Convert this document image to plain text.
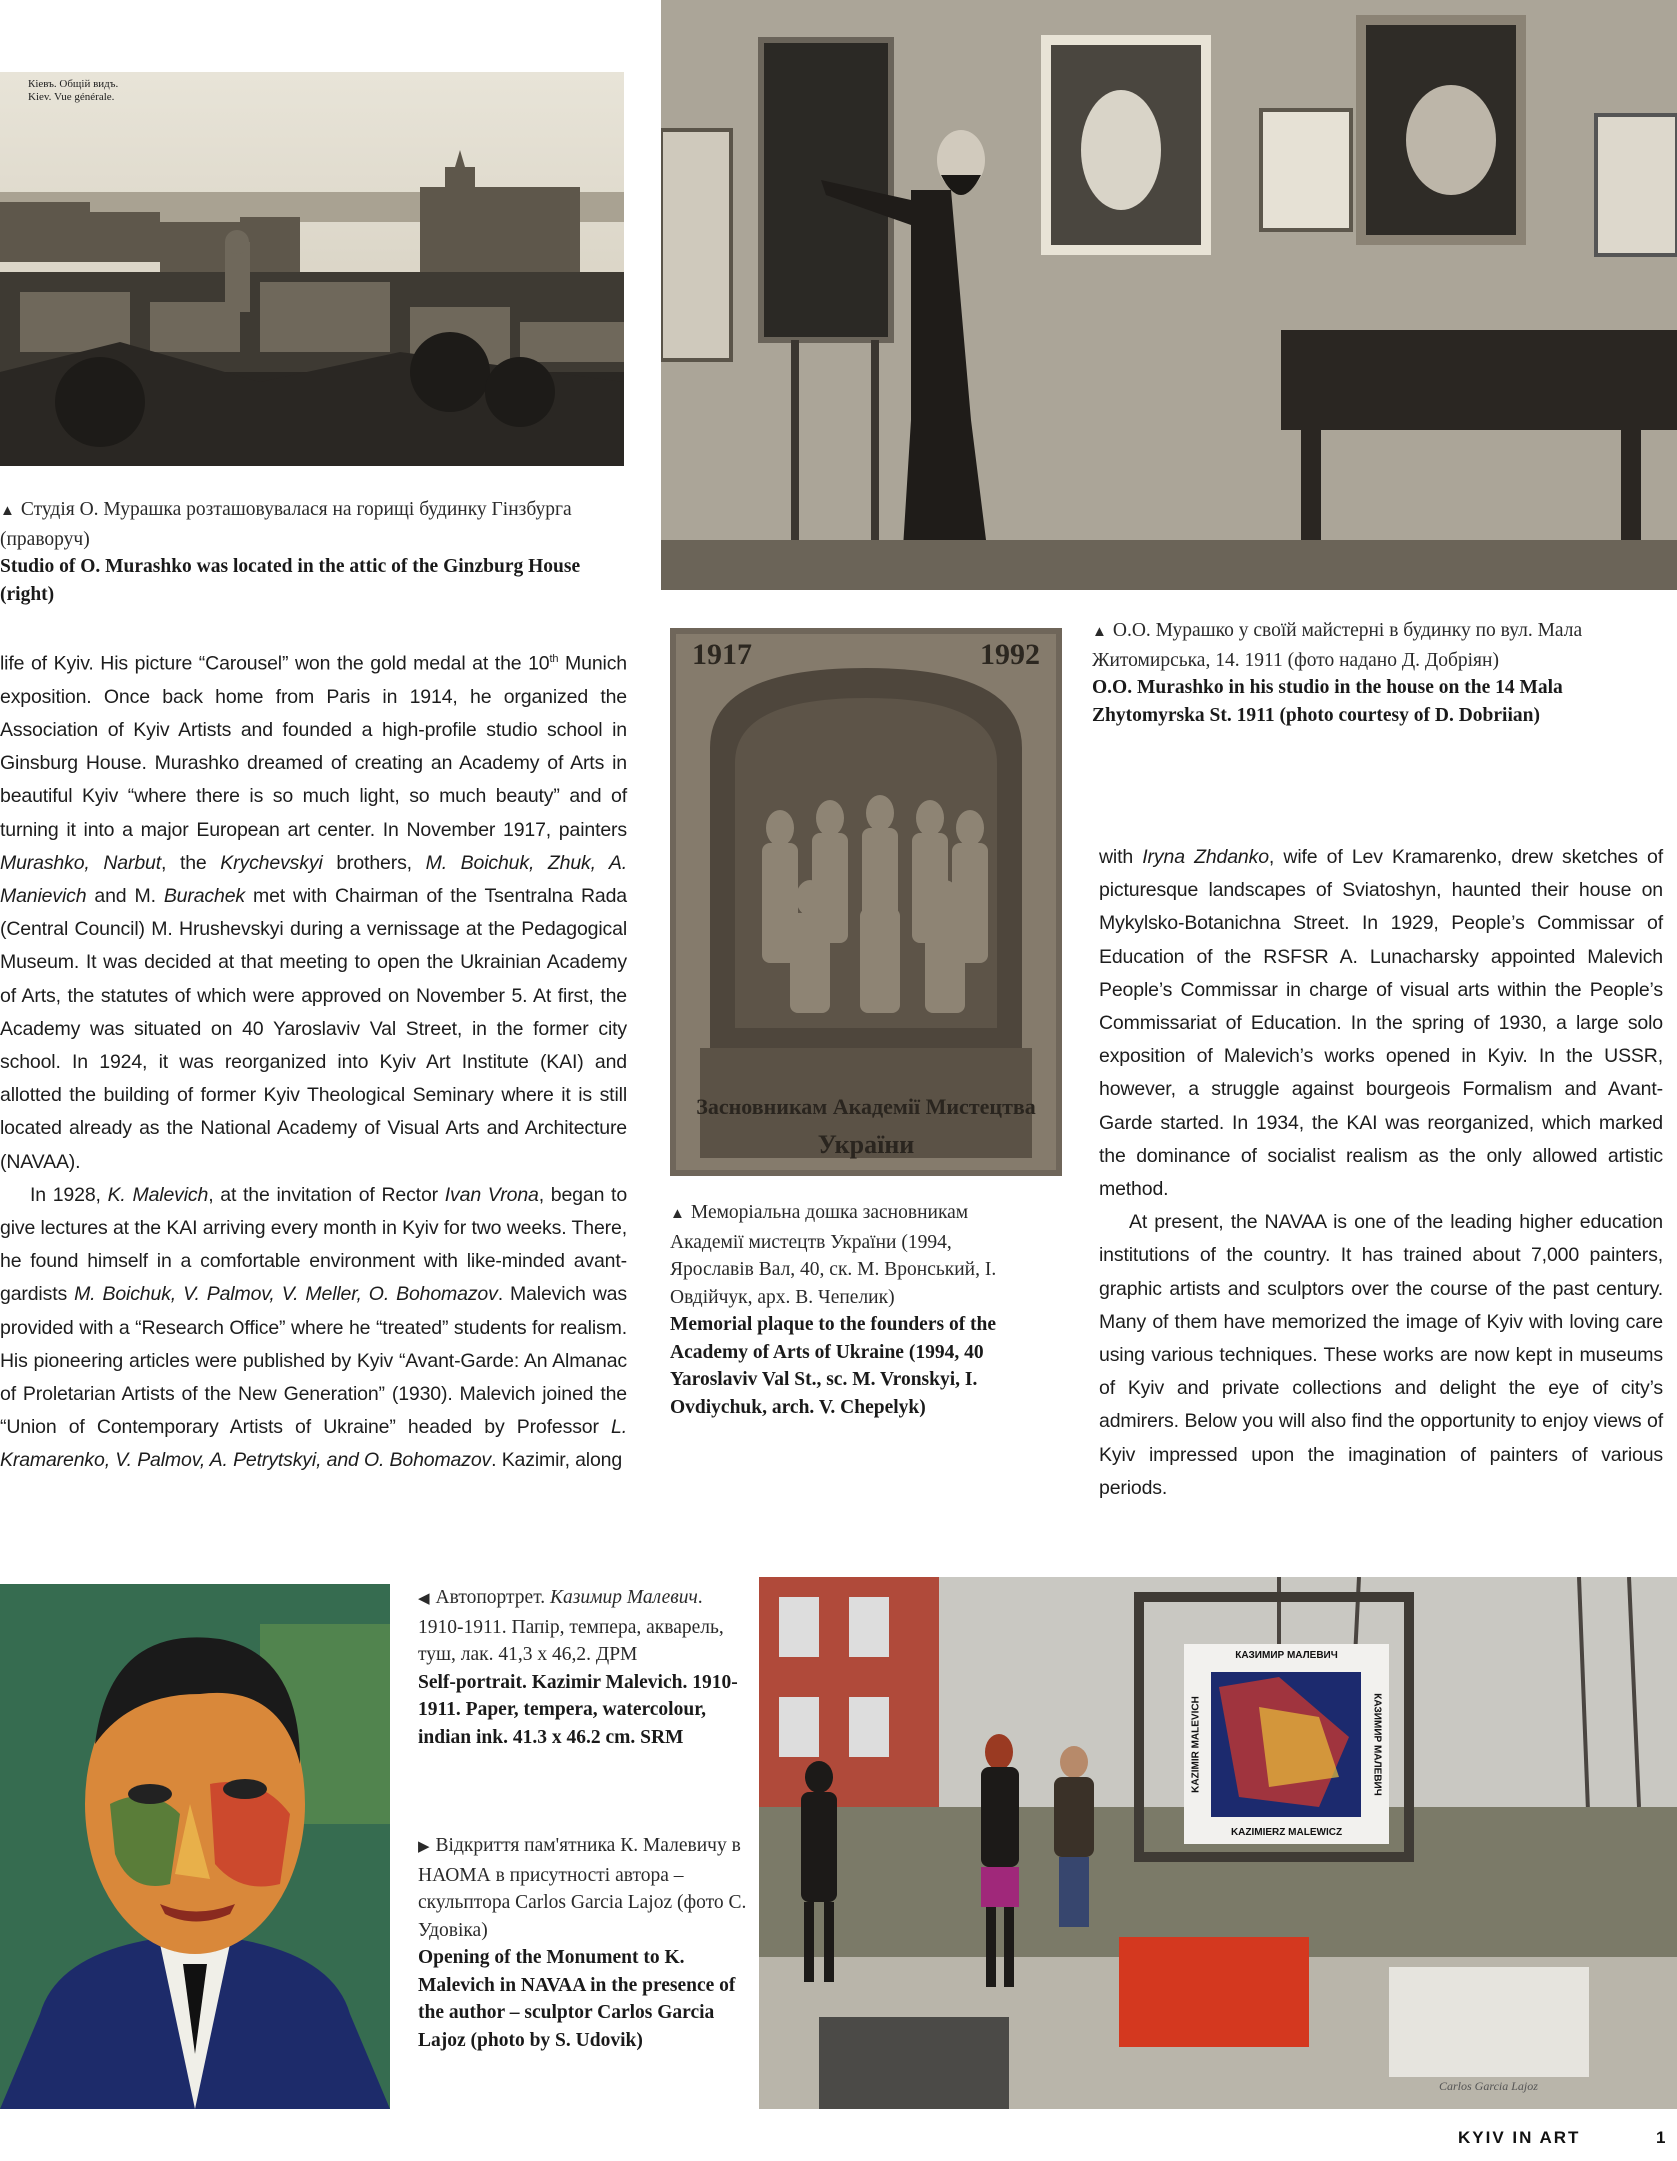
Кіевъ. Общій видъ.
Kiev. Vue générale.
▲ Студія О. Мурашка розташовувалася на горищі будинку Гінзбурга (праворуч)
Studio of O. Murashko was located in the attic of the Ginzburg House (right)
▲ О.О. Мурашко у своїй майстерні в будинку по вул. Мала Житомирська, 14. 1911 (фото надано Д. Добріян)
O.O. Murashko in his studio in the house on the 14 Mala Zhytomyrska St. 1911 (photo courtesy of D. Dobriian)
1917	1992
Засновникам Академії Мистецтва
України
▲ Меморіальна дошка засновникам Академії мистецтв України (1994, Ярославів Вал, 40, ск. М. Вронський, І. Овдійчук, арх. В. Чепелик)
Memorial plaque to the founders of the Academy of Arts of Ukraine (1994, 40 Yaroslaviv Val St., sc. M. Vronskyi, I. Ovdiychuk, arch. V. Chepelyk)

life of Kyiv. His picture “Carousel” won the gold medal at the 10th Munich exposition. Once back home from Paris in 1914, he organized the Association of Kyiv Artists and founded a high-profile studio school in Ginsburg House. Murashko dreamed of creating an Academy of Arts in beautiful Kyiv “where there is so much light, so much beauty” and of turning it into a major European art center. In November 1917, painters Murashko, Narbut, the Krychevskyi brothers, M. Boichuk, Zhuk, A. Manievich and M. Burachek met with Chairman of the Tsentralna Rada (Central Council) M. Hrushevskyi during a vernissage at the Pedagogical Museum. It was decided at that meeting to open the Ukrainian Academy of Arts, the statutes of which were approved on November 5. At first, the Academy was situated on 40 Yaroslaviv Val Street, in the former city school. In 1924, it was reorganized into Kyiv Art Institute (KAI) and allotted the building of former Kyiv Theological Seminary where it is still located already as the National Academy of Visual Arts and Architecture (NAVAA).

In 1928, K. Malevich, at the invitation of Rector Ivan Vrona, began to give lectures at the KAI arriving every month in Kyiv for two weeks. There, he found himself in a comfortable environment with like-minded avant-gardists M. Boichuk, V. Palmov, V. Meller, O. Bohomazov. Malevich was provided with a “Research Office” where he “treated” students for realism. His pioneering articles were published by Kyiv “Avant-Garde: An Almanac of Proletarian Artists of the New Generation” (1930). Malevich joined the “Union of Contemporary Artists of Ukraine” headed by Professor L. Kramarenko, V. Palmov, A. Petrytskyi, and O. Bohomazov. Kazimir, along

with Iryna Zhdanko, wife of Lev Kramarenko, drew sketches of picturesque landscapes of Sviatoshyn, haunted their house on Mykylsko-Botanichna Street. In 1929, People’s Commissar of Education of the RSFSR A. Lunacharsky appointed Malevich People’s Commissar in charge of visual arts within the People’s Commissariat of Education. In the spring of 1930, a large solo exposition of Malevich’s works opened in Kyiv. In the USSR, however, a struggle against bourgeois Formalism and Avant-Garde started. In 1934, the KAI was reorganized, which marked the dominance of socialist realism as the only allowed artistic method.

At present, the NAVAA is one of the leading higher education institutions of the country. It has trained about 7,000 painters, graphic artists and sculptors over the course of the past century. Many of them have memorized the image of Kyiv with loving care using various techniques. These works are now kept in museums of Kyiv and private collections and delight the eye of city’s admirers. Below you will also find the opportunity to enjoy views of Kyiv impressed upon the imagination of painters of various periods.

◀ Автопортрет. Казимир Малевич. 1910-1911. Папір, темпера, акварель, туш, лак. 41,3 х 46,2. ДРМ
Self-portrait. Kazimir Malevich. 1910-1911. Paper, tempera, watercolour, indian ink. 41.3 x 46.2 cm. SRM
▶ Відкриття пам'ятника К. Малевичу в НАОМА в присутності автора – скульптора Carlos Garcia Lajoz (фото С. Удовіка)
Opening of the Monument to K. Malevich in NAVAA in the presence of the author – sculptor Carlos Garcia Lajoz (photo by S. Udovik)
КАЗИМИР МАЛЕВИЧ
KAZIMIERZ MALEWICZ
KAZIMIR MALEVICH	КАЗИМИР МАЛЕВИЧ
Carlos Garcia Lajoz
KYIV IN ART	1
